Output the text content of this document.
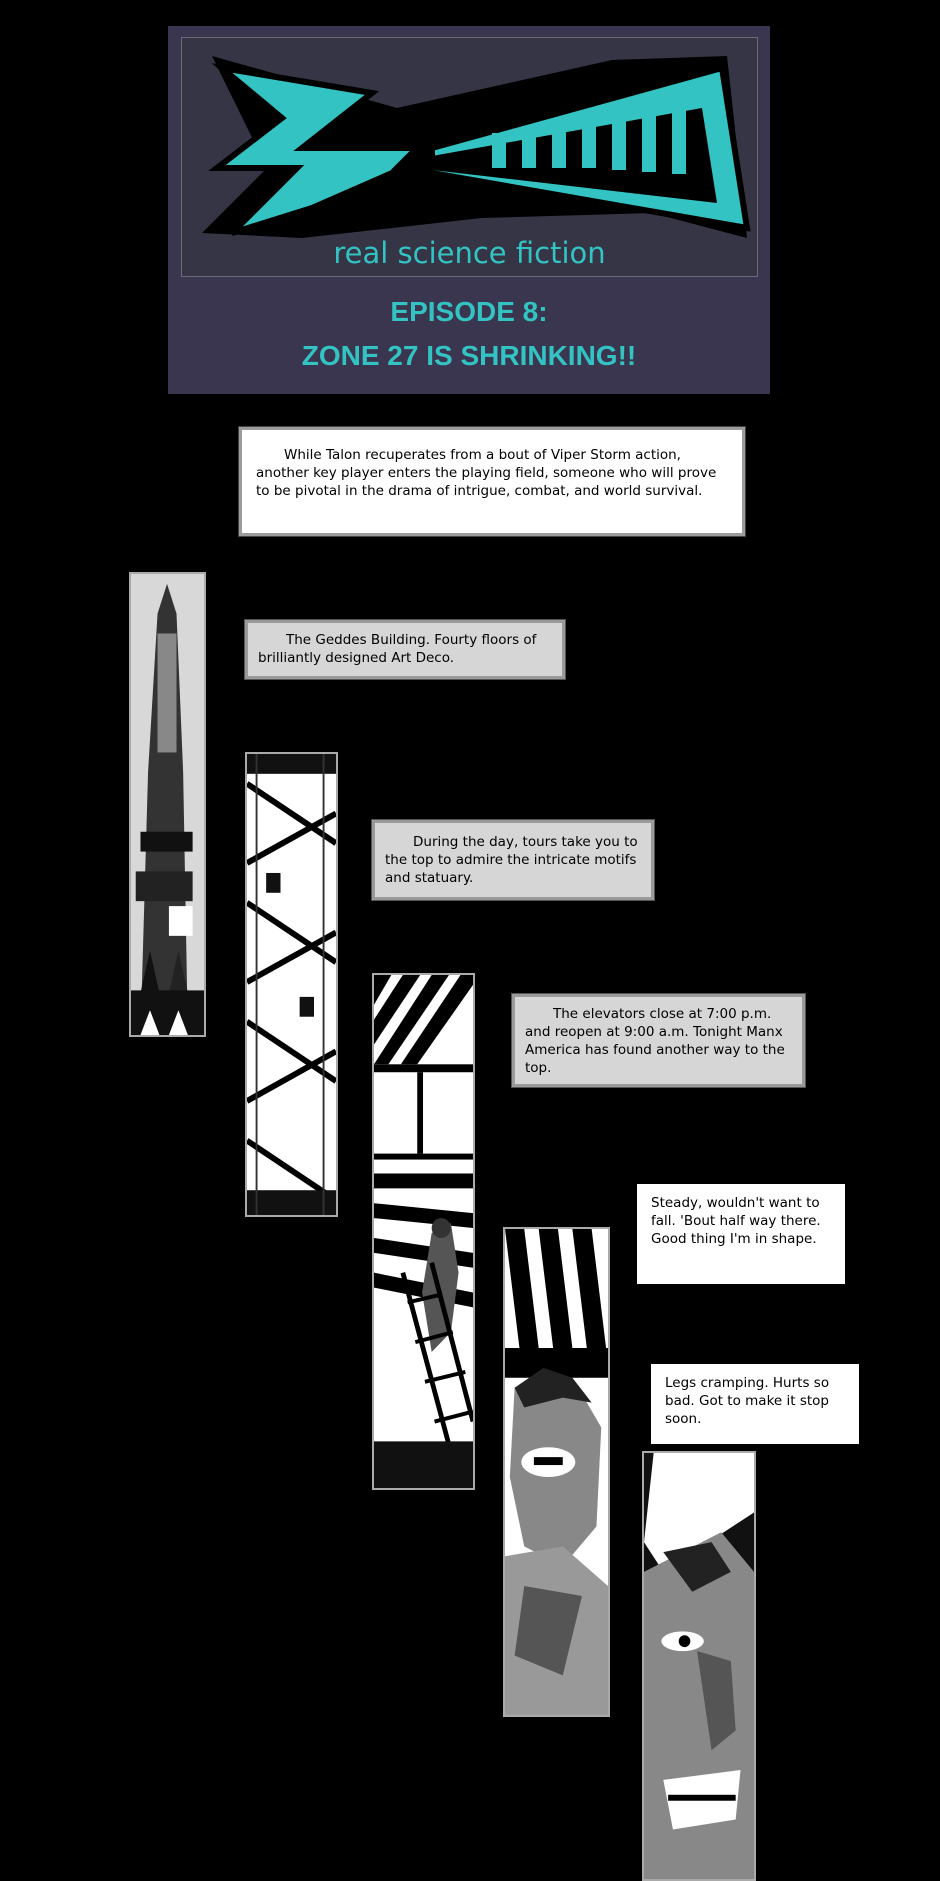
real science fiction
EPISODE 8:
ZONE 27 IS SHRINKING!!
While Talon recuperates from a bout of Viper Storm action, another key player enters the playing field, someone who will prove to be pivotal in the drama of intrigue, combat, and world survival.
The Geddes Building. Fourty floors of brilliantly designed Art Deco.
During the day, tours take you to the top to admire the intricate motifs and statuary.
The elevators close at 7:00 p.m. and reopen at 9:00 a.m. Tonight Manx America has found another way to the top.
Steady, wouldn't want to fall. 'Bout half way there. Good thing I'm in shape.
Legs cramping. Hurts so bad. Got to make it stop soon.
